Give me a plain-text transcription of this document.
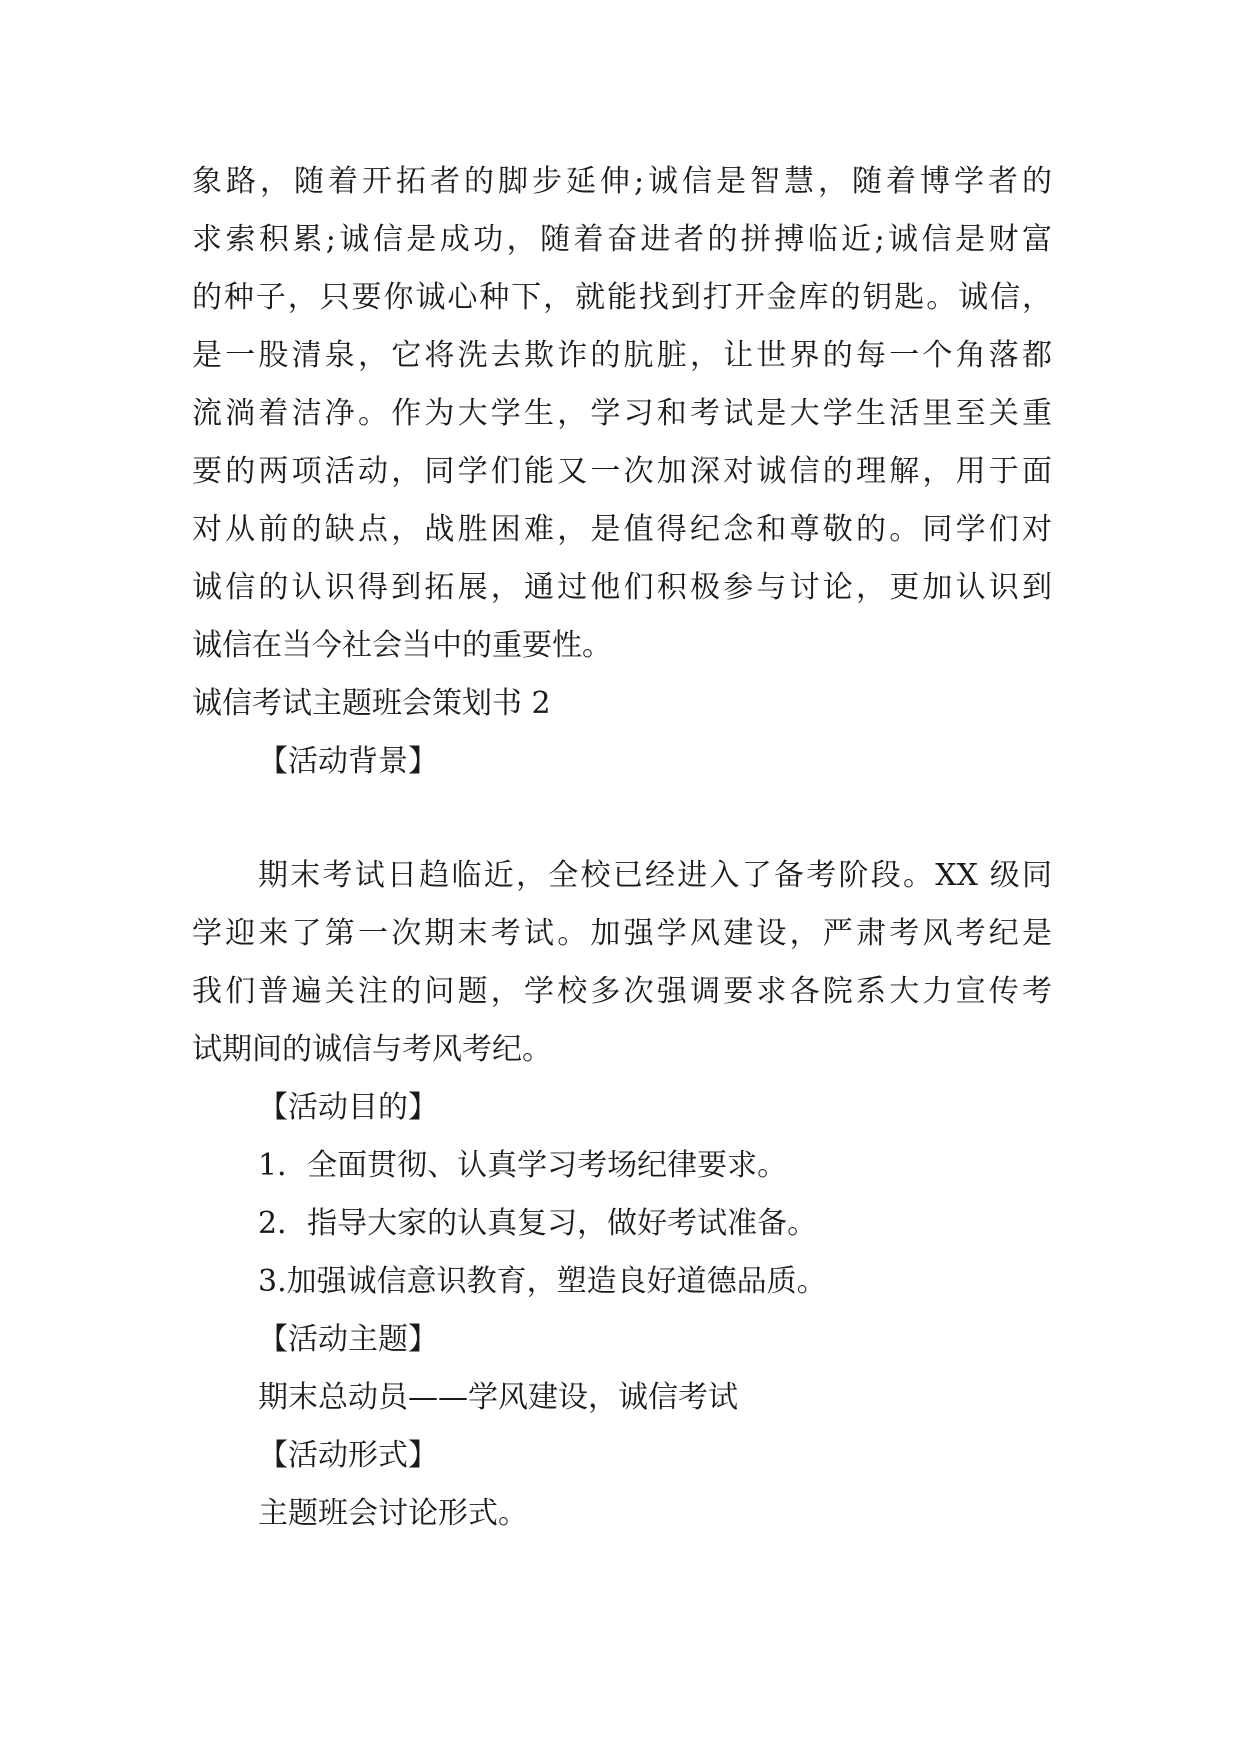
象路，随着开拓者的脚步延伸;诚信是智慧，随着博学者的
求索积累;诚信是成功，随着奋进者的拼搏临近;诚信是财富
的种子，只要你诚心种下，就能找到打开金库的钥匙。诚信，
是一股清泉，它将洗去欺诈的肮脏，让世界的每一个角落都
流淌着洁净。作为大学生，学习和考试是大学生活里至关重
要的两项活动，同学们能又一次加深对诚信的理解，用于面
对从前的缺点，战胜困难，是值得纪念和尊敬的。同学们对
诚信的认识得到拓展，通过他们积极参与讨论，更加认识到
诚信在当今社会当中的重要性。
诚信考试主题班会策划书 2
【活动背景】
期末考试日趋临近，全校已经进入了备考阶段。XX 级同
学迎来了第一次期末考试。加强学风建设，严肃考风考纪是
我们普遍关注的问题，学校多次强调要求各院系大力宣传考
试期间的诚信与考风考纪。
【活动目的】
1．全面贯彻、认真学习考场纪律要求。
2．指导大家的认真复习，做好考试准备。
3.加强诚信意识教育，塑造良好道德品质。
【活动主题】
期末总动员——学风建设，诚信考试
【活动形式】
主题班会讨论形式。
